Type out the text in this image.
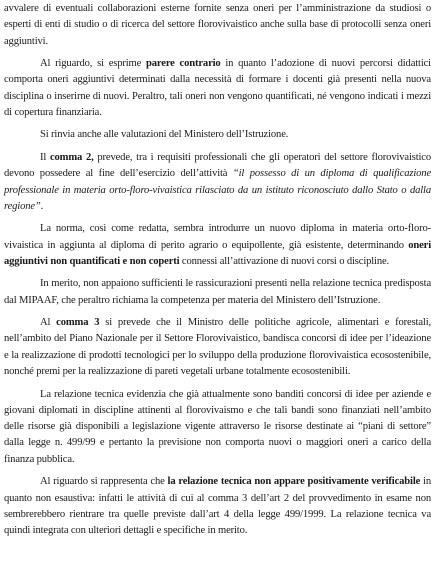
avvalere di eventuali collaborazioni esterne fornite senza oneri per l’amministrazione da studiosi o esperti di enti di studio o di ricerca del settore florovivaistico anche sulla base di protocolli senza oneri aggiuntivi.

Al riguardo, si esprime parere contrario in quanto l’adozione di nuovi percorsi didattici comporta oneri aggiuntivi determinati dalla necessità di formare i docenti già presenti nella nuova disciplina o inserirne di nuovi. Peraltro, tali oneri non vengono quantificati, né vengono indicati i mezzi di copertura finanziaria.

Si rinvia anche alle valutazioni del Ministero dell’Istruzione.

Il comma 2, prevede, tra i requisiti professionali che gli operatori del settore florovivaistico devono possedere al fine dell’esercizio dell’attività “il possesso di un diploma di qualificazione professionale in materia orto-floro-vivaistica rilasciato da un istituto riconosciuto dallo Stato o dalla regione”.

La norma, così come redatta, sembra introdurre un nuovo diploma in materia orto-floro-vivaistica in aggiunta al diploma di perito agrario o equipollente, già esistente, determinando oneri aggiuntivi non quantificati e non coperti connessi all’attivazione di nuovi corsi o discipline.

In merito, non appaiono sufficienti le rassicurazioni presenti nella relazione tecnica predisposta dal MIPAAF, che peraltro richiama la competenza per materia del Ministero dell’Istruzione.

Al comma 3 si prevede che il Ministro delle politiche agricole, alimentari e forestali, nell’ambito del Piano Nazionale per il Settore Florovivaistico, bandisca concorsi di idee per l’ideazione e la realizzazione di prodotti tecnologici per lo sviluppo della produzione florovivaistica ecosostenibile, nonché premi per la realizzazione di pareti vegetali urbane totalmente ecosostenibili.

La relazione tecnica evidenzia che già attualmente sono banditi concorsi di idee per aziende e giovani diplomati in discipline attinenti al florovivaismo e che tali bandi sono finanziati nell’ambito delle risorse già disponibili a legislazione vigente attraverso le risorse destinate ai “piani di settore” dalla legge n. 499/99 e pertanto la previsione non comporta nuovi o maggiori oneri a carico della finanza pubblica.

Al riguardo si rappresenta che la relazione tecnica non appare positivamente verificabile in quanto non esaustiva: infatti le attività di cui al comma 3 dell’art 2 del provvedimento in esame non sembrerebbero rientrare tra quelle previste dall’art 4 della legge 499/1999. La relazione tecnica va quindi integrata con ulteriori dettagli e specifiche in merito.
